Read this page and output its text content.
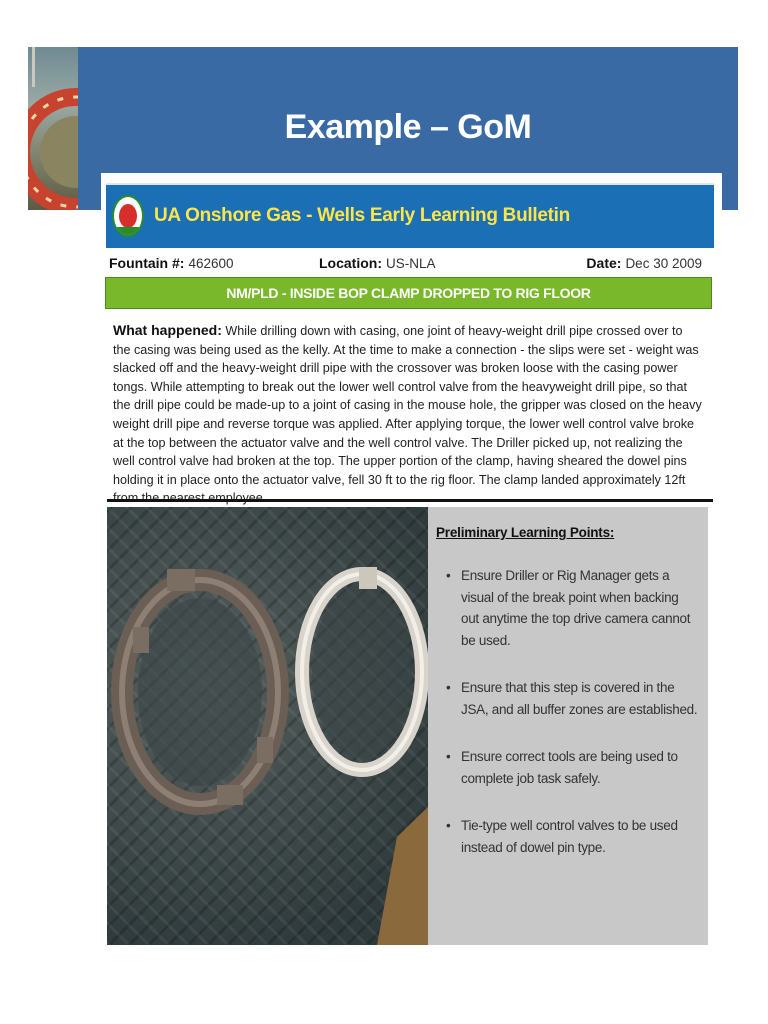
Example – GoM
UA Onshore Gas - Wells Early Learning Bulletin
Fountain #: 462600	Location: US-NLA	Date: Dec 30 2009
NM/PLD - INSIDE BOP CLAMP DROPPED TO RIG FLOOR
What happened: While drilling down with casing, one joint of heavy-weight drill pipe crossed over to the casing was being used as the kelly. At the time to make a connection - the slips were set - weight was slacked off and the heavy-weight drill pipe with the crossover was broken loose with the casing power tongs. While attempting to break out the lower well control valve from the heavyweight drill pipe, so that the drill pipe could be made-up to a joint of casing in the mouse hole, the gripper was closed on the heavy weight drill pipe and reverse torque was applied. After applying torque, the lower well control valve broke at the top between the actuator valve and the well control valve. The Driller picked up, not realizing the well control valve had broken at the top. The upper portion of the clamp, having sheared the dowel pins holding it in place onto the actuator valve, fell 30 ft to the rig floor. The clamp landed approximately 12ft
Preliminary Learning Points:
• Ensure Driller or Rig Manager gets a visual of the break point when backing out anytime the top drive camera cannot be used.
• Ensure that this step is covered in the JSA, and all buffer zones are established.
• Ensure correct tools are being used to complete job task safely.
• Tie-type well control valves to be used instead of dowel pin type.
